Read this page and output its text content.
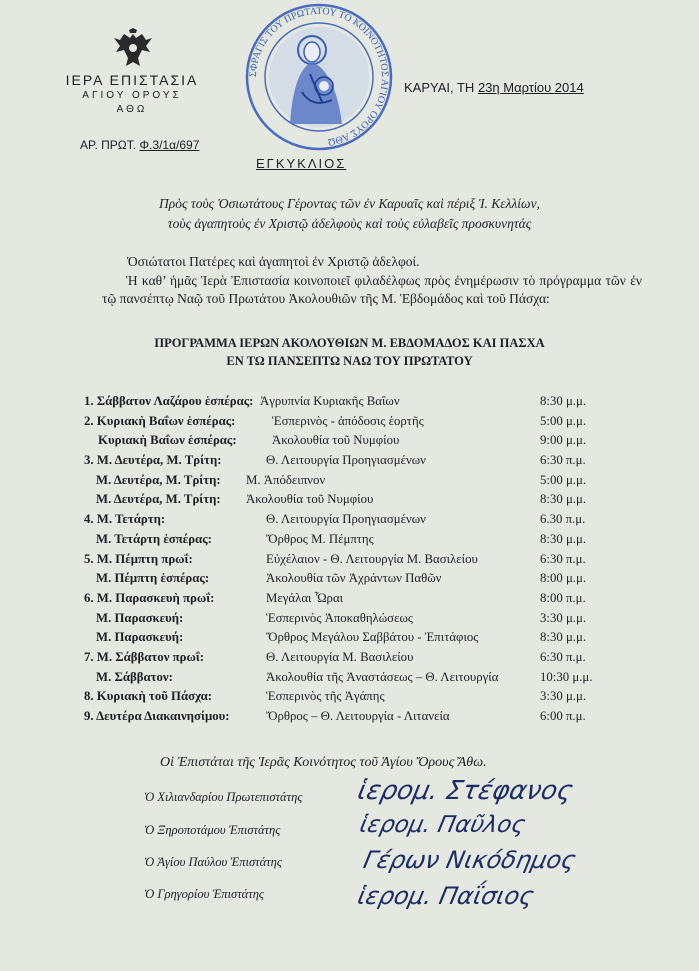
ΙΕΡΑ ΕΠΙΣΤΑΣΙΑ
ΑΓΙΟΥ ΟΡΟΥΣ
ΑΘΩ
ΑΡ. ΠΡΩΤ. Φ.3/1α/697
ΣΦΡΑΓΙΣ ΤΟΥ ΠΡΩΤΑΤΟΥ ΤΟ ΚΟΙΝΟΤΗΤΟΣ ΑΓΙΟΥ ΟΡΟΥΣ ΑΘΩ
ΚΑΡΥΑΙ, ΤΗ 23η Μαρτίου 2014
ΕΓΚΥΚΛΙΟΣ
Πρὸς τοὺς Ὁσιωτάτους Γέροντας τῶν ἐν Καρυαῖς καὶ πέριξ Ἱ. Κελλίων,
τοὺς ἀγαπητοὺς ἐν Χριστῷ ἀδελφοὺς καὶ τοὺς εὐλαβεῖς προσκυνητάς
Ὁσιώτατοι Πατέρες καὶ ἀγαπητοὶ ἐν Χριστῷ ἀδελφοί.
Ἡ καθ’ ἡμᾶς Ἱερὰ Ἐπιστασία κοινοποιεῖ φιλαδέλφως πρὸς ἐνημέρωσιν τὸ πρόγραμμα τῶν ἐν τῷ πανσέπτῳ Ναῷ τοῦ Πρωτάτου Ἀκολουθιῶν τῆς Μ. Ἑβδομάδος καὶ τοῦ Πάσχα:
ΠΡΟΓΡΑΜΜΑ ΙΕΡΩΝ ΑΚΟΛΟΥΘΙΩΝ Μ. ΕΒΔΟΜΑΔΟΣ ΚΑΙ ΠΑΣΧΑ
ΕΝ ΤΩ ΠΑΝΣΕΠΤΩ ΝΑΩ ΤΟΥ ΠΡΩΤΑΤΟΥ
1. Σάββατον Λαζάρου ἑσπέρας: Ἀγρυπνία Κυριακῆς Βαΐων	8:30 μ.μ.
2. Κυριακὴ Βαΐων ἑσπέρας:	Ἑσπερινὸς - ἀπόδοσις ἑορτῆς	5:00 μ.μ.
Κυριακὴ Βαΐων ἑσπέρας:	Ἀκολουθία τοῦ Νυμφίου	9:00 μ.μ.
3. Μ. Δευτέρα, Μ. Τρίτη:	Θ. Λειτουργία Προηγιασμένων	6:30 π.μ.
Μ. Δευτέρα, Μ. Τρίτη: Μ. Ἀπόδειπνον	5:00 μ.μ.
Μ. Δευτέρα, Μ. Τρίτη: Ἀκολουθία τοῦ Νυμφίου	8:30 μ.μ.
4. Μ. Τετάρτη:	Θ. Λειτουργία Προηγιασμένων	6.30 π.μ.
Μ. Τετάρτη ἑσπέρας:	Ὄρθρος Μ. Πέμπτης	8:30 μ.μ.
5. Μ. Πέμπτη πρωΐ:	Εὐχέλαιον - Θ. Λειτουργία Μ. Βασιλείου	6:30 π.μ.
Μ. Πέμπτη ἑσπέρας:	Ἀκολουθία τῶν Ἀχράντων Παθῶν	8:00 μ.μ.
6. Μ. Παρασκευὴ πρωΐ:	Μεγάλαι Ὧραι	8:00 π.μ.
Μ. Παρασκευή:	Ἑσπερινὸς Ἀποκαθηλώσεως	3:30 μ.μ.
Μ. Παρασκευή:	Ὄρθρος Μεγάλου Σαββάτου - Ἐπιτάφιος	8:30 μ.μ.
7. Μ. Σάββατον πρωΐ:	Θ. Λειτουργία Μ. Βασιλείου	6:30 π.μ.
Μ. Σάββατον:	Ἀκολουθία τῆς Ἀναστάσεως – Θ. Λειτουργία	10:30 μ.μ.
8. Κυριακὴ τοῦ Πάσχα:	Ἑσπερινὸς τῆς Ἀγάπης	3:30 μ.μ.
9. Δευτέρα Διακαινησίμου:	Ὄρθρος – Θ. Λειτουργία - Λιτανεία	6:00 π.μ.
Οἱ Ἐπιστάται τῆς Ἱερᾶς Κοινότητος τοῦ Ἁγίου Ὄρους Ἄθω.
Ὁ Χιλιανδαρίου Πρωτεπιστάτης ἱερομ. Στέφανος
Ὁ Ξηροποτάμου Ἐπιστάτης	ἱερομ. Παῦλος
Ὁ Ἁγίου Παύλου Ἐπιστάτης	Γέρων Νικόδημος
Ὁ Γρηγορίου Ἐπιστάτης	ἱερομ. Παΐσιος
